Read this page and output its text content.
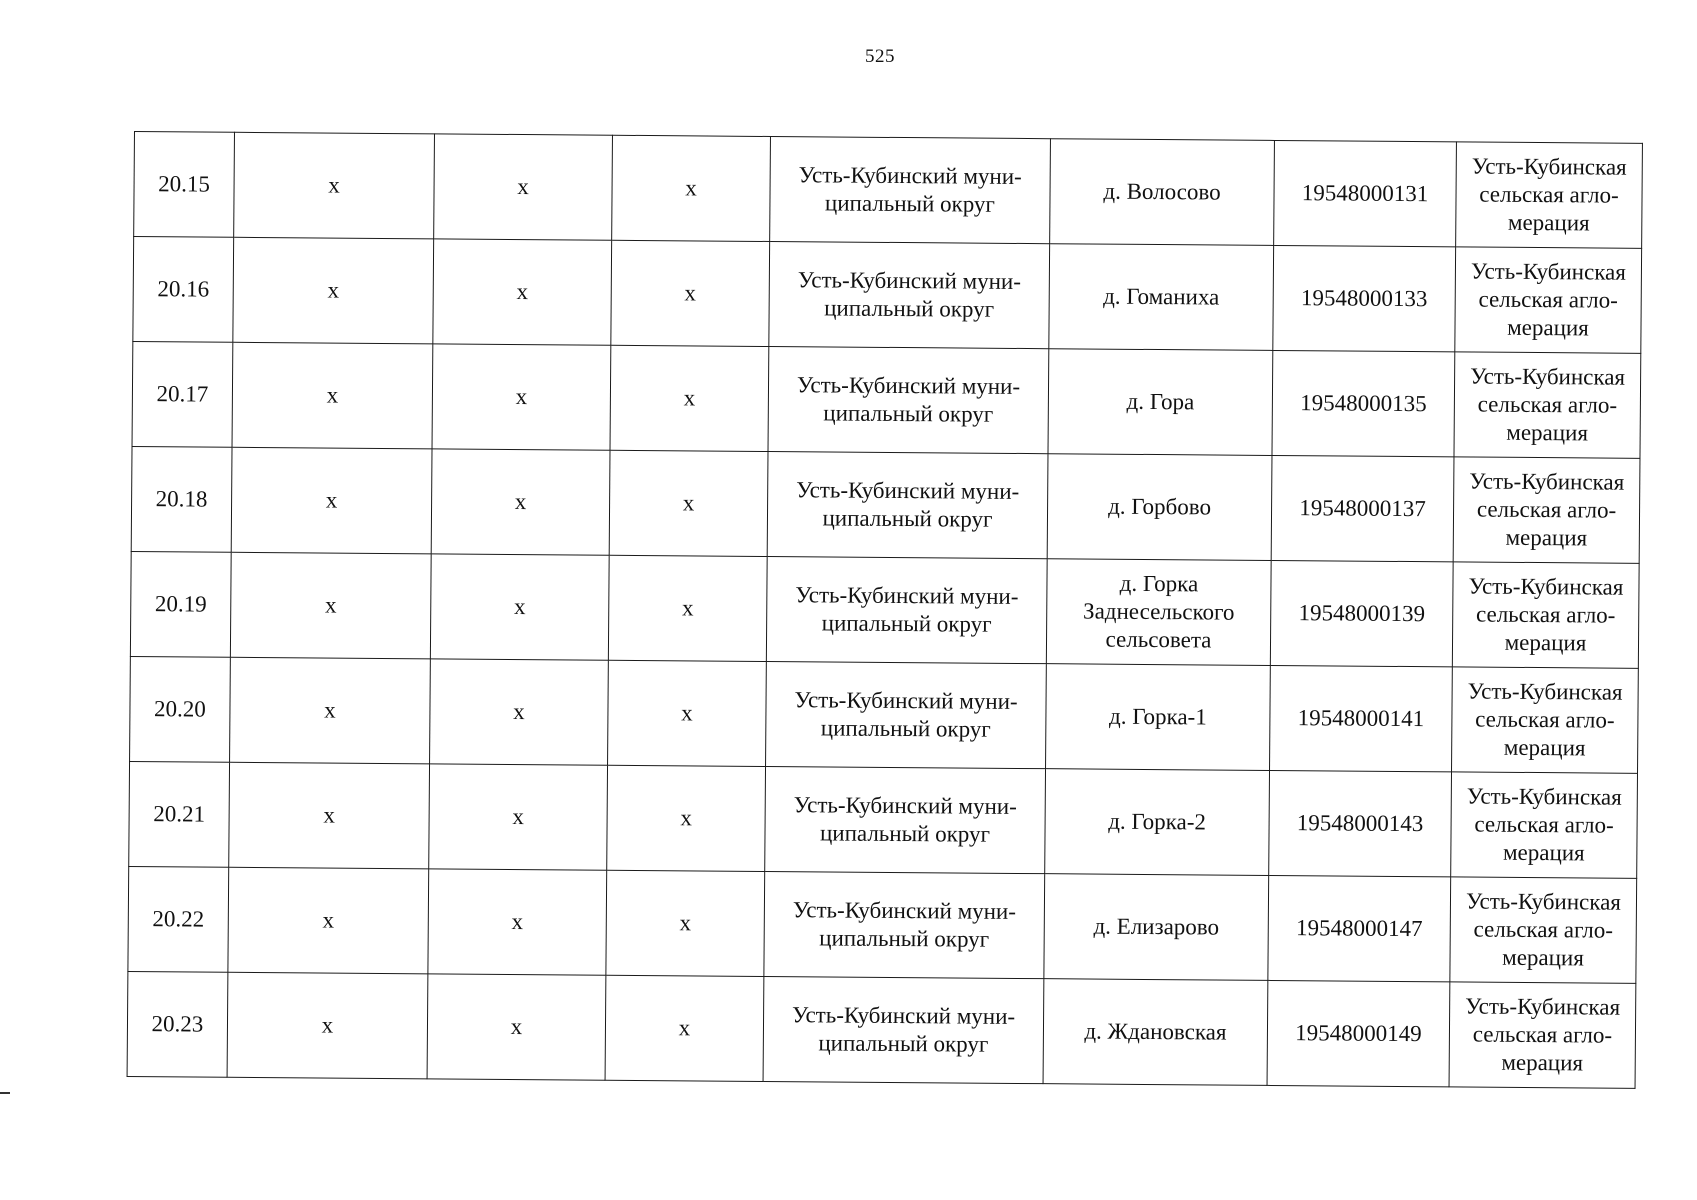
525
20.15	x	x	x	Усть-Кубинский муни-
ципальный округ	д. Волосово	19548000131	Усть-Кубинская
сельская агло-
мерация
20.16	x	x	x	Усть-Кубинский муни-
ципальный округ	д. Гоманиха	19548000133	Усть-Кубинская
сельская агло-
мерация
20.17	x	x	x	Усть-Кубинский муни-
ципальный округ	д. Гора	19548000135	Усть-Кубинская
сельская агло-
мерация
20.18	x	x	x	Усть-Кубинский муни-
ципальный округ	д. Горбово	19548000137	Усть-Кубинская
сельская агло-
мерация
20.19	x	x	x	Усть-Кубинский муни-
ципальный округ	д. Горка
Заднесельского
сельсовета	19548000139	Усть-Кубинская
сельская агло-
мерация
20.20	x	x	x	Усть-Кубинский муни-
ципальный округ	д. Горка-1	19548000141	Усть-Кубинская
сельская агло-
мерация
20.21	x	x	x	Усть-Кубинский муни-
ципальный округ	д. Горка-2	19548000143	Усть-Кубинская
сельская агло-
мерация
20.22	x	x	x	Усть-Кубинский муни-
ципальный округ	д. Елизарово	19548000147	Усть-Кубинская
сельская агло-
мерация
20.23	x	x	x	Усть-Кубинский муни-
ципальный округ	д. Ждановская	19548000149	Усть-Кубинская
сельская агло-
мерация
